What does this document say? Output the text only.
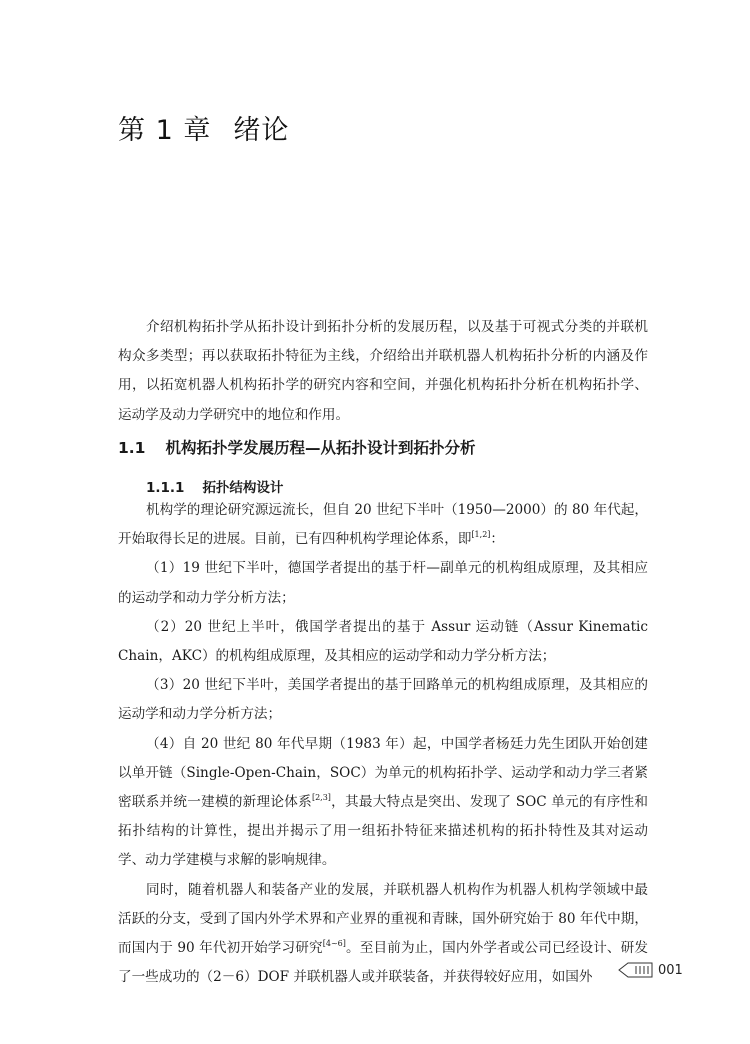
第 1 章 绪论

介绍机构拓扑学从拓扑设计到拓扑分析的发展历程，以及基于可视式分类的并联机构众多类型；再以获取拓扑特征为主线，介绍给出并联机器人机构拓扑分析的内涵及作用，以拓宽机器人机构拓扑学的研究内容和空间，并强化机构拓扑分析在机构拓扑学、运动学及动力学研究中的地位和作用。

1.1 机构拓扑学发展历程—从拓扑设计到拓扑分析
1.1.1 拓扑结构设计

机构学的理论研究源远流长，但自 20 世纪下半叶（1950—2000）的 80 年代起，开始取得长足的进展。目前，已有四种机构学理论体系，即[1,2]：

（1）19 世纪下半叶，德国学者提出的基于杆—副单元的机构组成原理，及其相应的运动学和动力学分析方法；

（2）20 世纪上半叶，俄国学者提出的基于 Assur 运动链（Assur Kinematic Chain，AKC）的机构组成原理，及其相应的运动学和动力学分析方法；

（3）20 世纪下半叶，美国学者提出的基于回路单元的机构组成原理，及其相应的运动学和动力学分析方法；

（4）自 20 世纪 80 年代早期（1983 年）起，中国学者杨廷力先生团队开始创建以单开链（Single-Open-Chain，SOC）为单元的机构拓扑学、运动学和动力学三者紧密联系并统一建模的新理论体系[2,3]，其最大特点是突出、发现了 SOC 单元的有序性和拓扑结构的计算性，提出并揭示了用一组拓扑特征来描述机构的拓扑特性及其对运动学、动力学建模与求解的影响规律。

同时，随着机器人和装备产业的发展，并联机器人机构作为机器人机构学领域中最活跃的分支，受到了国内外学术界和产业界的重视和青睐，国外研究始于 80 年代中期，而国内于 90 年代初开始学习研究[4~6]。至目前为止，国内外学者或公司已经设计、研发了一些成功的（2－6）DOF 并联机器人或并联装备，并获得较好应用，如国外	001
